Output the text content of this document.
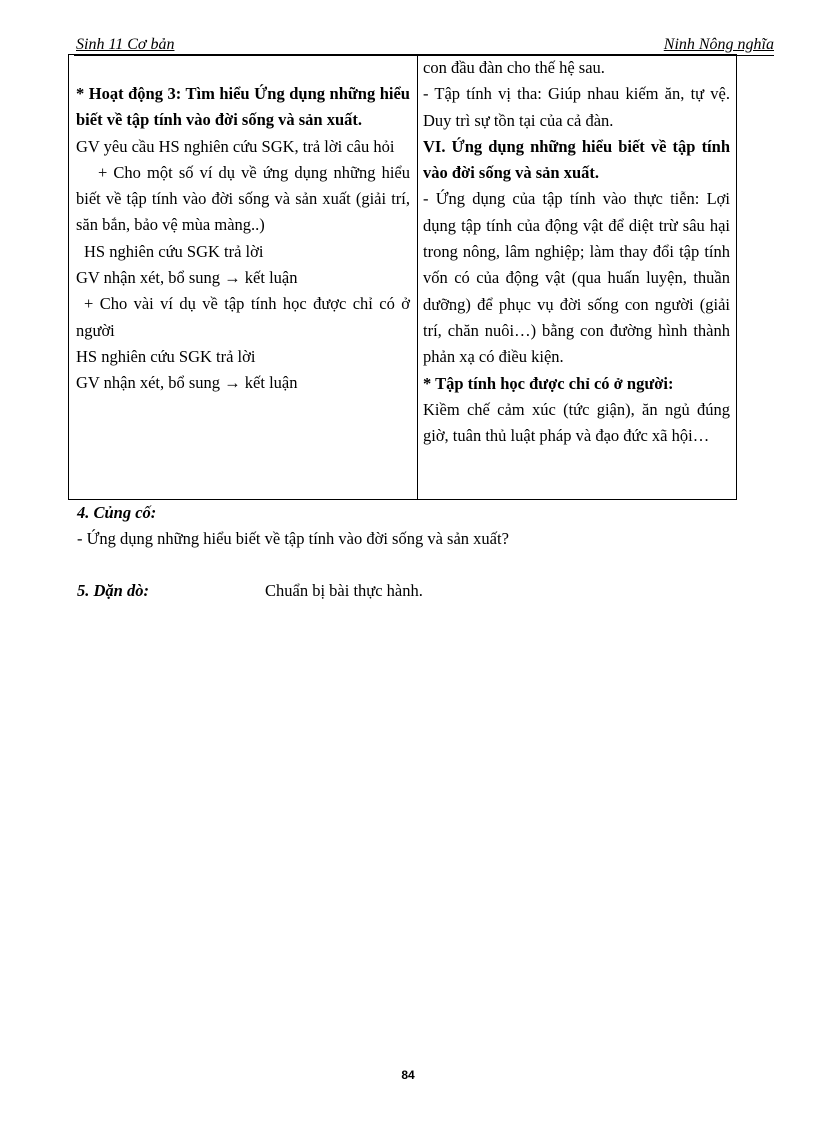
Sinh 11 Cơ bản	Ninh Nông nghĩa

* Hoạt động 3: Tìm hiểu Ứng dụng những hiểu biết về tập tính vào đời sống và sản xuất.

GV yêu cầu HS nghiên cứu SGK, trả lời câu hỏi

+ Cho một số ví dụ về ứng dụng những hiểu biết về tập tính vào đời sống và sản xuất (giải trí, săn bắn, bảo vệ mùa màng..)

HS nghiên cứu SGK trả lời

GV nhận xét, bổ sung → kết luận

+ Cho vài ví dụ về tập tính học được chỉ có ở người

HS nghiên cứu SGK trả lời

GV nhận xét, bổ sung → kết luận

con đầu đàn cho thế hệ sau.

- Tập tính vị tha: Giúp nhau kiếm ăn, tự vệ. Duy trì sự tồn tại của cả đàn.

VI. Ứng dụng những hiểu biết về tập tính vào đời sống và sản xuất.

- Ứng dụng của tập tính vào thực tiễn: Lợi dụng tập tính của động vật để diệt trừ sâu hại trong nông, lâm nghiệp; làm thay đổi tập tính vốn có của động vật (qua huấn luyện, thuần dưỡng) để phục vụ đời sống con người (giải trí, chăn nuôi…) bằng con đường hình thành phản xạ có điều kiện.

* Tập tính học được chỉ có ở người:

Kiềm chế cảm xúc (tức giận), ăn ngủ đúng giờ, tuân thủ luật pháp và đạo đức xã hội…

4. Củng cố:
- Ứng dụng những hiểu biết về tập tính vào đời sống và sản xuất?
5. Dặn dò:	Chuẩn bị bài thực hành.
84
